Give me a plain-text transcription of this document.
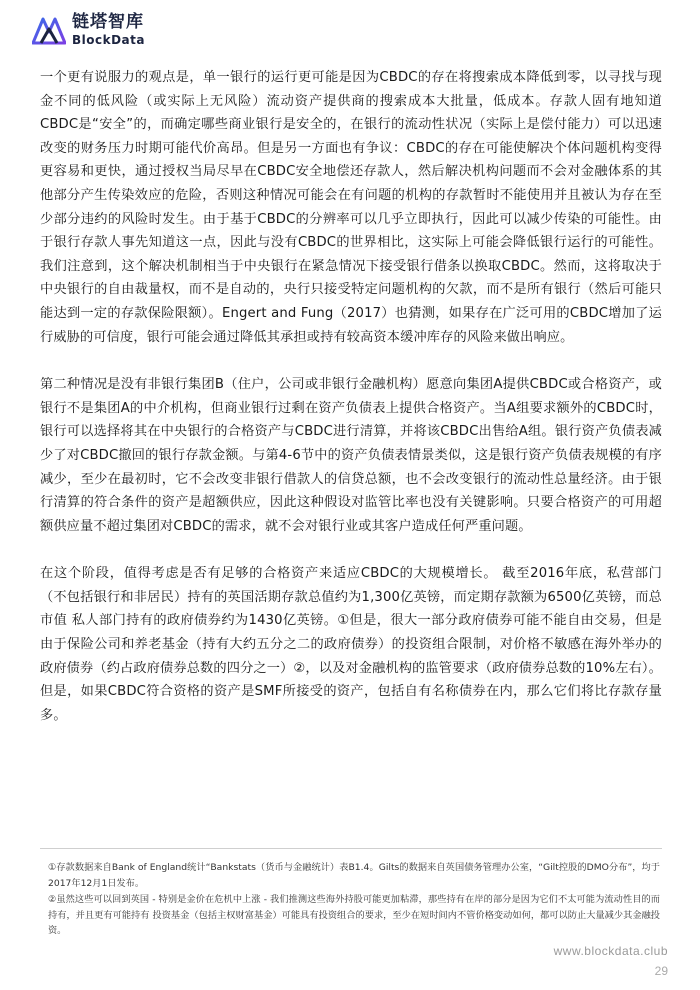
链塔智库
BlockData

一个更有说服力的观点是，单一银行的运行更可能是因为CBDC的存在将搜索成本降低到零，以寻找与现金不同的低风险（或实际上无风险）流动资产提供商的搜索成本大批量，低成本。存款人固有地知道CBDC是“安全”的，而确定哪些商业银行是安全的，在银行的流动性状况（实际上是偿付能力）可以迅速改变的财务压力时期可能代价高昂。但是另一方面也有争议：CBDC的存在可能使解决个体问题机构变得更容易和更快，通过授权当局尽早在CBDC安全地偿还存款人，然后解决机构问题而不会对金融体系的其他部分产生传染效应的危险，否则这种情况可能会在有问题的机构的存款暂时不能使用并且被认为存在至少部分违约的风险时发生。由于基于CBDC的分辨率可以几乎立即执行，因此可以减少传染的可能性。由于银行存款人事先知道这一点，因此与没有CBDC的世界相比，这实际上可能会降低银行运行的可能性。我们注意到，这个解决机制相当于中央银行在紧急情况下接受银行借条以换取CBDC。然而，这将取决于中央银行的自由裁量权，而不是自动的，央行只接受特定问题机构的欠款，而不是所有银行（然后可能只能达到一定的存款保险限额）。Engert and Fung（2017）也猜测，如果存在广泛可用的CBDC增加了运行威胁的可信度，银行可能会通过降低其承担或持有较高资本缓冲库存的风险来做出响应。

第二种情况是没有非银行集团B（住户，公司或非银行金融机构）愿意向集团A提供CBDC或合格资产，或银行不是集团A的中介机构，但商业银行过剩在资产负债表上提供合格资产。当A组要求额外的CBDC时，银行可以选择将其在中央银行的合格资产与CBDC进行清算，并将该CBDC出售给A组。银行资产负债表减少了对CBDC撤回的银行存款金额。与第4-6节中的资产负债表情景类似，这是银行资产负债表规模的有序减少，至少在最初时，它不会改变非银行借款人的信贷总额，也不会改变银行的流动性总量经济。由于银行清算的符合条件的资产是超额供应，因此这种假设对监管比率也没有关键影响。只要合格资产的可用超额供应量不超过集团对CBDC的需求，就不会对银行业或其客户造成任何严重问题。

在这个阶段，值得考虑是否有足够的合格资产来适应CBDC的大规模增长。 截至2016年底，私营部门（不包括银行和非居民）持有的英国活期存款总值约为1,300亿英镑，而定期存款额为6500亿英镑，而总市值 私人部门持有的政府债券约为1430亿英镑。①但是，很大一部分政府债券可能不能自由交易，但是由于保险公司和养老基金（持有大约五分之二的政府债券）的投资组合限制，对价格不敏感在海外举办的政府债券（约占政府债券总数的四分之一）②，以及对金融机构的监管要求（政府债券总数的10%左右）。但是，如果CBDC符合资格的资产是SMF所接受的资产，包括自有名称债券在内，那么它们将比存款存量多。

①存款数据来自Bank of England统计“Bankstats（货币与金融统计）表B1.4。Gilts的数据来自英国债务管理办公室，“Gilt控股的DMO分布”，均于2017年12月1日发布。

②虽然这些可以回到英国 - 特别是金价在危机中上涨 - 我们推测这些海外持股可能更加粘滞，那些持有在岸的部分是因为它们不太可能为流动性目的而持有，并且更有可能持有 投资基金（包括主权财富基金）可能具有投资组合的要求，至少在短时间内不管价格变动如何，都可以防止大量减少其金融投资。

www.blockdata.club
29
